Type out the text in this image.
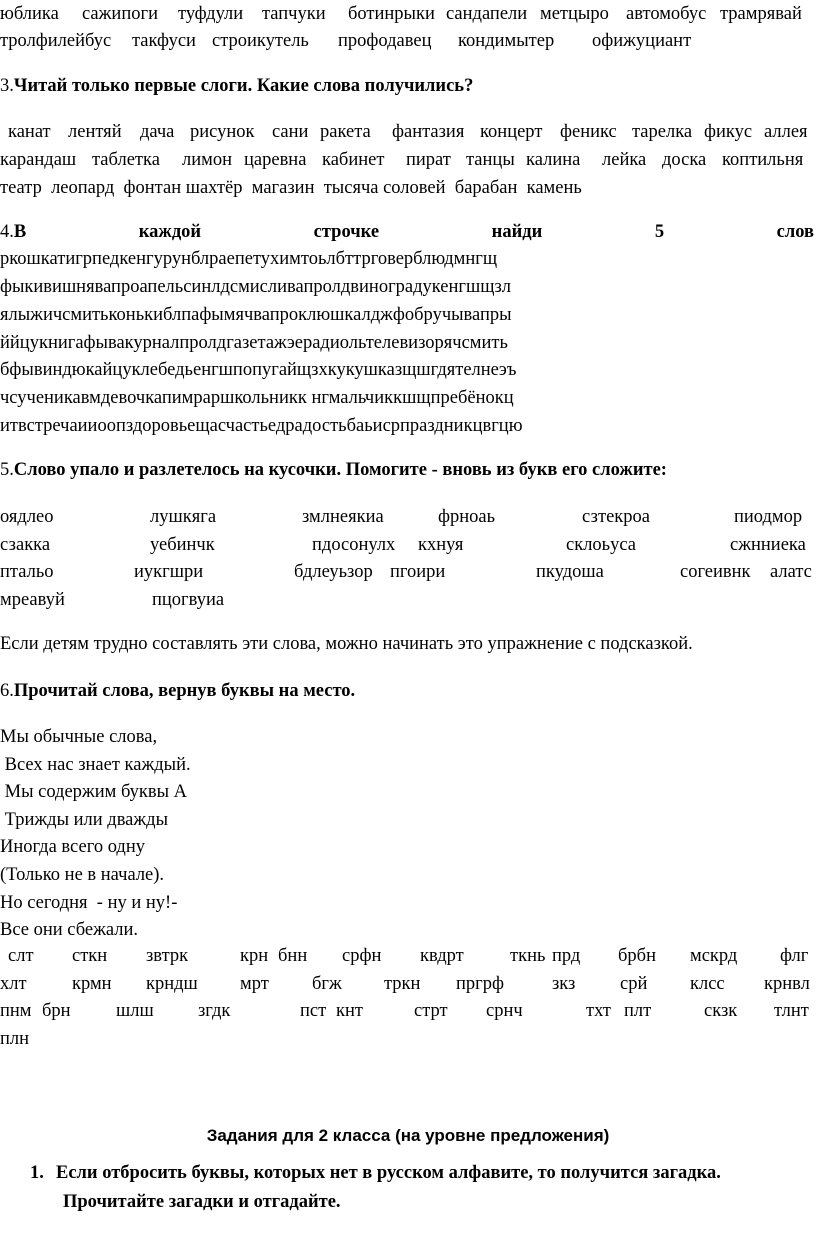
юблика сажипоги туфдули тапчуки ботинрыки сандапели метцыро автомобус трамрявай
тролфилейбус такфуси строикутель профодавец кондимытер офижуциант
3.Читай только первые слоги. Какие слова получились?
канат лентяй дача рисунок сани ракета фантазия концерт феникс тарелка фикус аллея
карандаш таблетка лимон царевна кабинет пират танцы калина лейка доска коптильня
театр  леопард  фонтан шахтёр  магазин  тысяча соловей  барабан  камень
4.В	каждой	строчке	найди	5	слов
ркошкатигрпедкенгурунблраепетухимтоьлбттрговерблюдмнгщ
фыкивишнявапроапельсинлдсмисливапролдвиноградукенгшщзл
ялыжичсмитьконькиблпафымячвапроклюшкалджфобручывапры
ййцукнигафывакурналпролдгазетажэерадиольтелевизорячсмить
бфывиндюкайцуклебедьенгшпопугайщзхкукушказщшгдятелнеэъ
чсученикавмдевочкапимраршкольникк нгмальчиккшщпребёнокц
итвстречаииоопздоровьещасчастьедрадостьбаьисрпраздникцвгцю
5.Слово упало и разлетелось на кусочки. Помогите - вновь из букв его сложите:
оядлео	лушкяга	змлнеякиа	фрноаь	сзтекроа	пиодмор
сзакка	уебинчк	пдосонулх кхнуя	склоьуса	сжнниека
птальо	иукгшри	бдлеуьзор пгоири	пкудоша	согеивнк алатс
мреавуй	пцогвуиа
Если детям трудно составлять эти слова, можно начинать это упражнение с подсказкой.
6.Прочитай слова, вернув буквы на место.
Мы обычные слова,
Всех нас знает каждый.
Мы содержим буквы А
Трижды или дважды
Иногда всего одну
(Только не в начале).
Но сегодня  - ну и ну!-
Все они сбежали.
слт сткн звтрк	крн бнн срфн квдрт ткнь прд брбн мскрд флг
хлт крмн крндш мрт бгж тркн пргрф	зкз срй клсс крнвл
пнм брн шлш згдк	пст кнт	стрт срнч	тхт плт	скзк тлнт
плн
Задания для 2 класса (на уровне предложения)
1. Если отбросить буквы, которых нет в русском алфавите, то получится загадка.
Прочитайте загадки и отгадайте.
